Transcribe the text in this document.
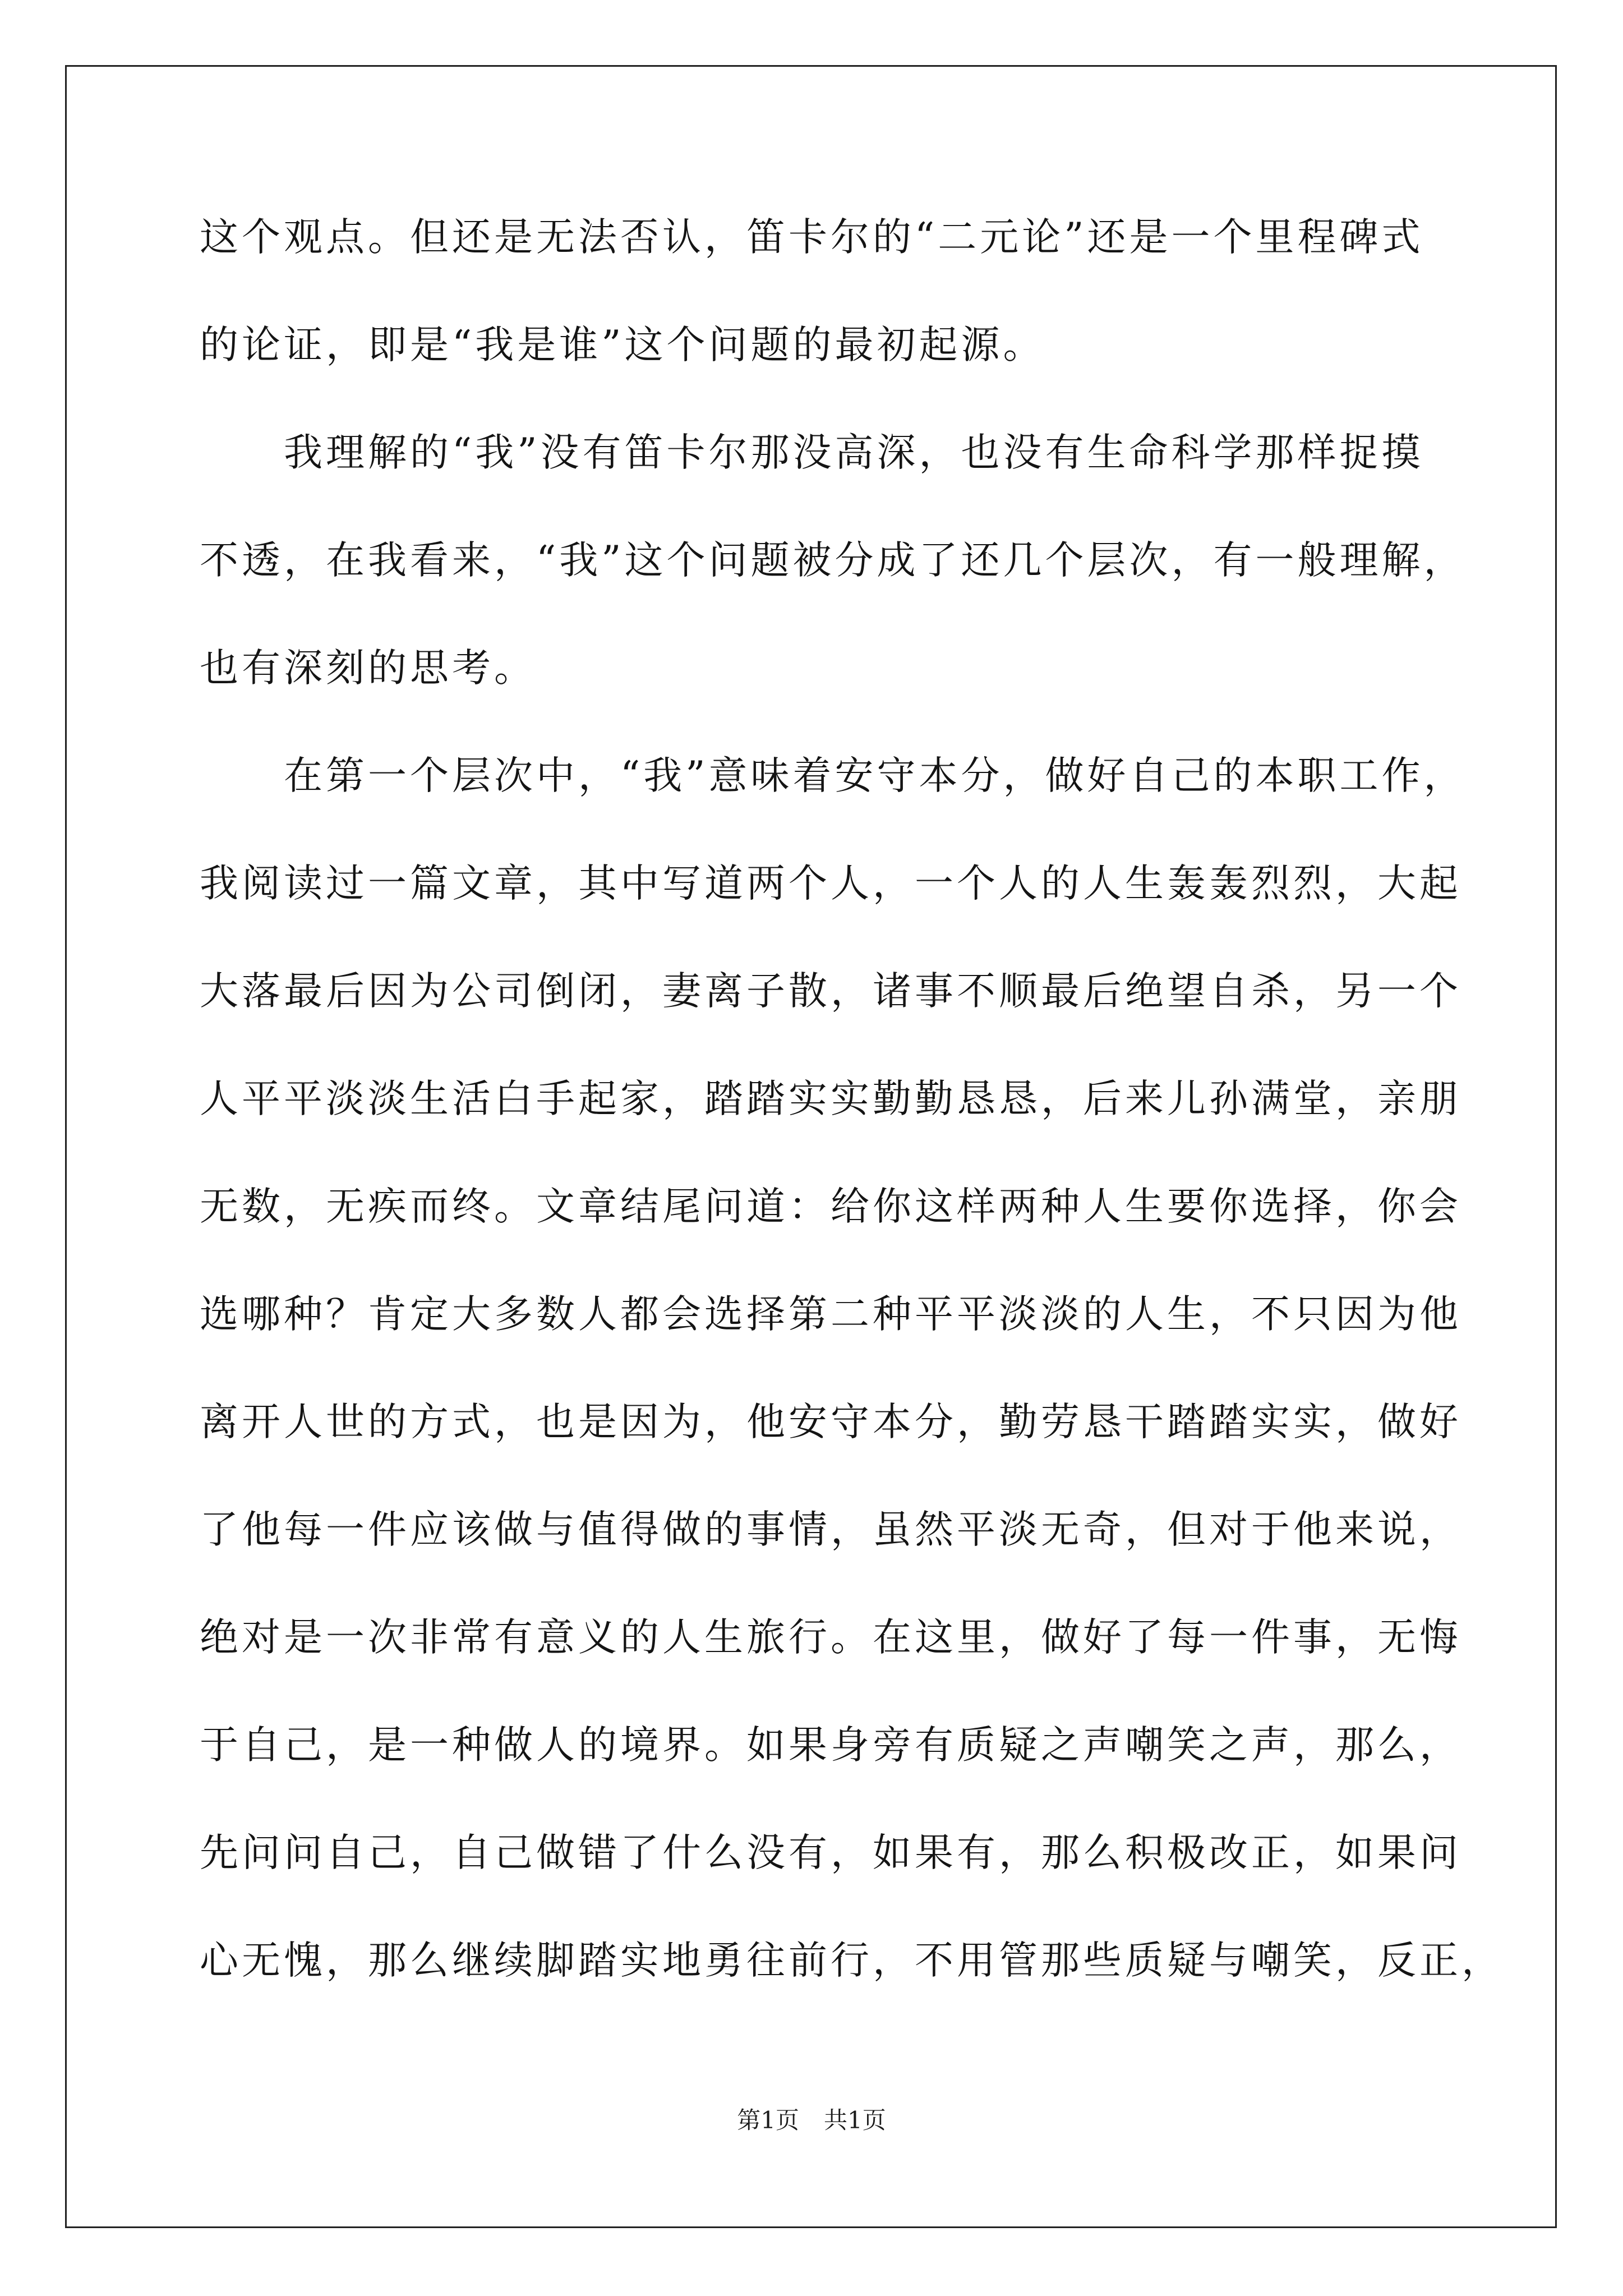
这个观点。但还是无法否认，笛卡尔的“二元论”还是一个里程碑式
的论证，即是“我是谁”这个问题的最初起源。
我理解的“我”没有笛卡尔那没高深，也没有生命科学那样捉摸
不透，在我看来，“我”这个问题被分成了还几个层次，有一般理解，
也有深刻的思考。
在第一个层次中，“我”意味着安守本分，做好自己的本职工作，
我阅读过一篇文章，其中写道两个人，一个人的人生轰轰烈烈，大起
大落最后因为公司倒闭，妻离子散，诸事不顺最后绝望自杀，另一个
人平平淡淡生活白手起家，踏踏实实勤勤恳恳，后来儿孙满堂，亲朋
无数，无疾而终。文章结尾问道：给你这样两种人生要你选择，你会
选哪种？肯定大多数人都会选择第二种平平淡淡的人生，不只因为他
离开人世的方式，也是因为，他安守本分，勤劳恳干踏踏实实，做好
了他每一件应该做与值得做的事情，虽然平淡无奇，但对于他来说，
绝对是一次非常有意义的人生旅行。在这里，做好了每一件事，无悔
于自己，是一种做人的境界。如果身旁有质疑之声嘲笑之声，那么，
先问问自己，自己做错了什么没有，如果有，那么积极改正，如果问
心无愧，那么继续脚踏实地勇往前行，不用管那些质疑与嘲笑，反正，
第1页 共1页
